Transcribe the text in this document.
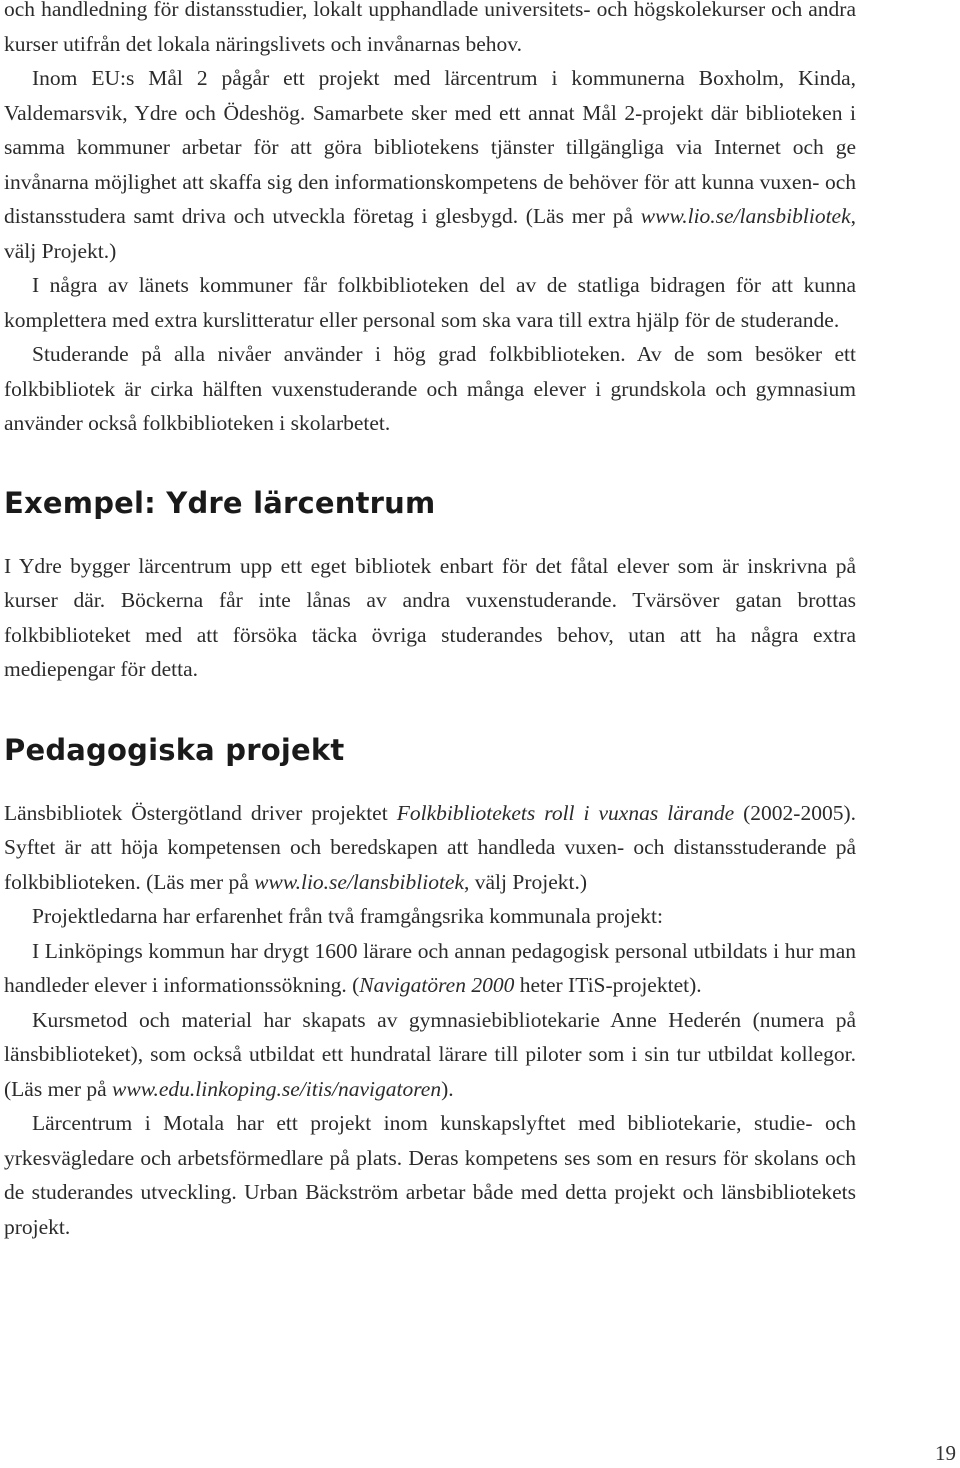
och handledning för distansstudier, lokalt upphandlade universitets- och högskolekurser och andra kurser utifrån det lokala näringslivets och invånarnas behov.

Inom EU:s Mål 2 pågår ett projekt med lärcentrum i kommunerna Boxholm, Kinda, Valdemarsvik, Ydre och Ödeshög. Samarbete sker med ett annat Mål 2-projekt där biblioteken i samma kommuner arbetar för att göra bibliotekens tjänster tillgängliga via Internet och ge invånarna möjlighet att skaffa sig den informationskompetens de behöver för att kunna vuxen- och distansstudera samt driva och utveckla företag i glesbygd. (Läs mer på www.lio.se/lansbibliotek, välj Projekt.)

I några av länets kommuner får folkbiblioteken del av de statliga bidragen för att kunna komplettera med extra kurslitteratur eller personal som ska vara till extra hjälp för de studerande.

Studerande på alla nivåer använder i hög grad folkbiblioteken. Av de som besöker ett folkbibliotek är cirka hälften vuxenstuderande och många elever i grundskola och gymnasium använder också folkbiblioteken i skolarbetet.

Exempel: Ydre lärcentrum

I Ydre bygger lärcentrum upp ett eget bibliotek enbart för det fåtal elever som är inskrivna på kurser där. Böckerna får inte lånas av andra vuxenstuderande. Tvärsöver gatan brottas folkbiblioteket med att försöka täcka övriga studerandes behov, utan att ha några extra mediepengar för detta.

Pedagogiska projekt

Länsbibliotek Östergötland driver projektet Folkbibliotekets roll i vuxnas lärande (2002-2005). Syftet är att höja kompetensen och beredskapen att handleda vuxen- och distansstuderande på folkbiblioteken. (Läs mer på www.lio.se/lansbibliotek, välj Projekt.)

Projektledarna har erfarenhet från två framgångsrika kommunala projekt:

I Linköpings kommun har drygt 1600 lärare och annan pedagogisk personal utbildats i hur man handleder elever i informationssökning. (Navigatören 2000 heter ITiS-projektet).

Kursmetod och material har skapats av gymnasiebibliotekarie Anne Hederén (numera på länsbiblioteket), som också utbildat ett hundratal lärare till piloter som i sin tur utbildat kollegor. (Läs mer på www.edu.linkoping.se/itis/navigatoren).

Lärcentrum i Motala har ett projekt inom kunskapslyftet med bibliotekarie, studie- och yrkesvägledare och arbetsförmedlare på plats. Deras kompetens ses som en resurs för skolans och de studerandes utveckling. Urban Bäckström arbetar både med detta projekt och länsbibliotekets projekt.

19
